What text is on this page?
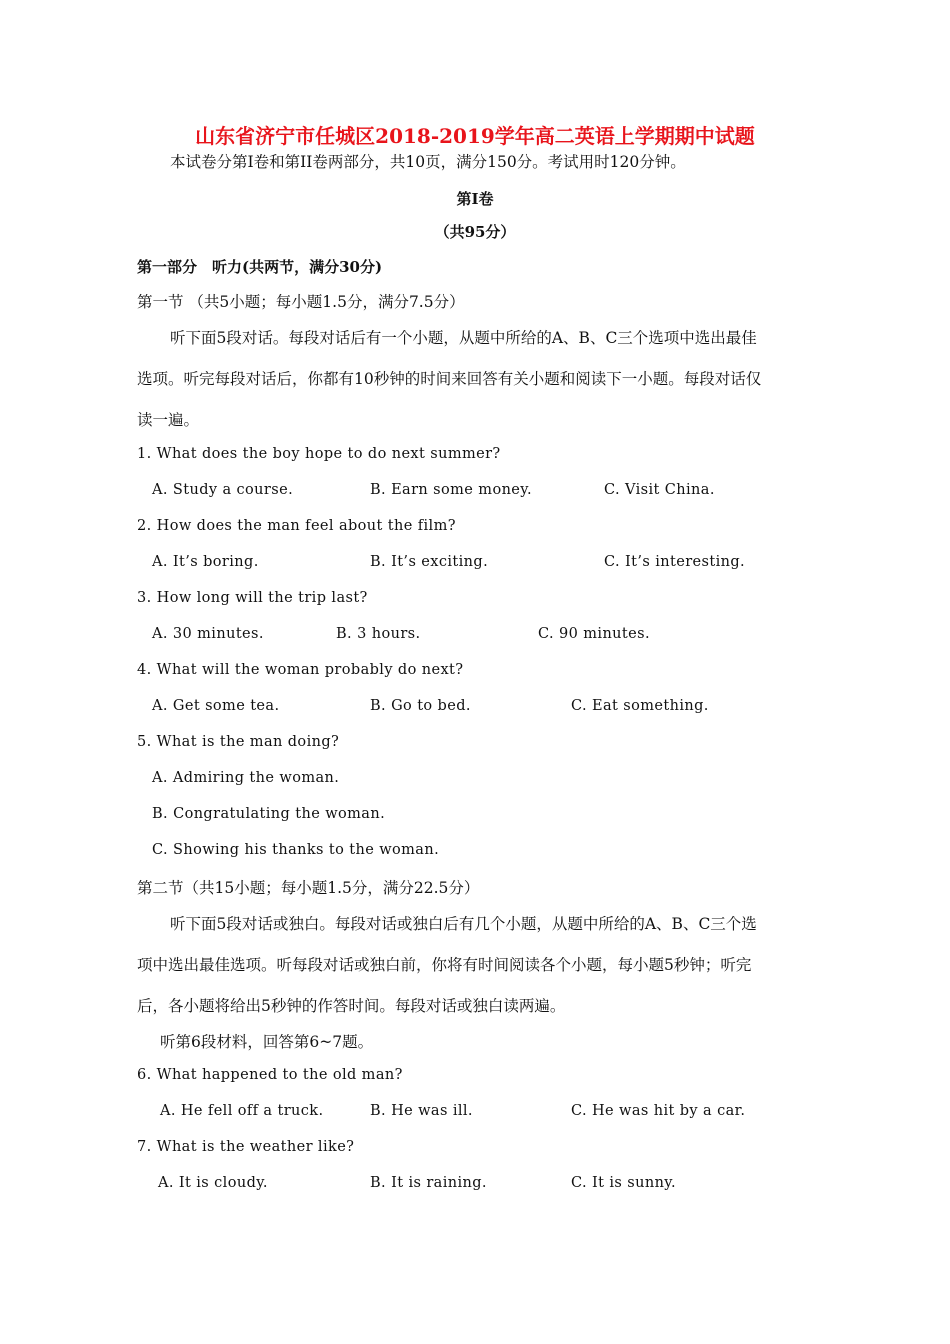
山东省济宁市任城区2018-2019学年高二英语上学期期中试题
本试卷分第I卷和第II卷两部分，共10页，满分150分。考试用时120分钟。
第I卷
（共95分）
第一部分　听力(共两节，满分30分)
第一节 （共5小题；每小题1.5分，满分7.5分）
听下面5段对话。每段对话后有一个小题，从题中所给的A、B、C三个选项中选出最佳
选项。听完每段对话后，你都有10秒钟的时间来回答有关小题和阅读下一小题。每段对话仅
读一遍。
1. What does the boy hope to do next summer?
A. Study a course.	B. Earn some money.	C. Visit China.
2. How does the man feel about the film?
A. It’s boring.	B. It’s exciting.	C. It’s interesting.
3. How long will the trip last?
A. 30 minutes.	B. 3 hours.	C. 90 minutes.
4. What will the woman probably do next?
A. Get some tea.	B. Go to bed.	C. Eat something.
5. What is the man doing?
A. Admiring the woman.
B. Congratulating the woman.
C. Showing his thanks to the woman.
第二节（共15小题；每小题1.5分，满分22.5分）
听下面5段对话或独白。每段对话或独白后有几个小题，从题中所给的A、B、C三个选
项中选出最佳选项。听每段对话或独白前，你将有时间阅读各个小题，每小题5秒钟；听完
后，各小题将给出5秒钟的作答时间。每段对话或独白读两遍。
听第6段材料，回答第6~7题。
6. What happened to the old man?
A. He fell off a truck.	B. He was ill.	C. He was hit by a car.
7. What is the weather like?
A. It is cloudy.	B. It is raining.	C. It is sunny.
